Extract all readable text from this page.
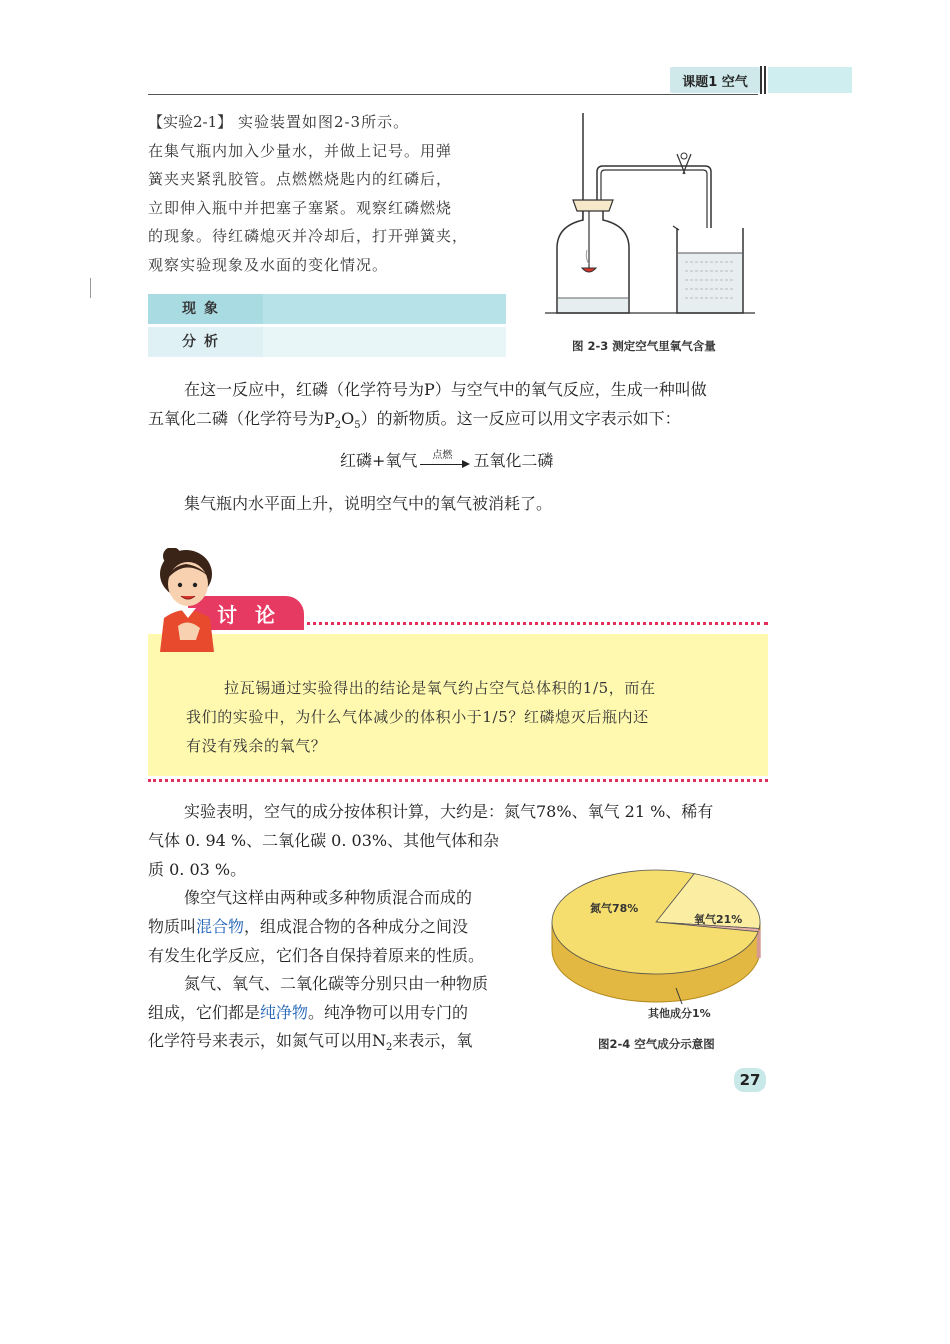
课题1 空气
【实验2-1】 实验装置如图2-3所示。
在集气瓶内加入少量水，并做上记号。用弹
簧夹夹紧乳胶管。点燃燃烧匙内的红磷后，
立即伸入瓶中并把塞子塞紧。观察红磷燃烧
的现象。待红磷熄灭并冷却后，打开弹簧夹，
观察实验现象及水面的变化情况。
现象
分析	图 2-3 测定空气里氧气含量
在这一反应中，红磷（化学符号为P）与空气中的氧气反应，生成一种叫做
五氧化二磷（化学符号为$P_2O_5$）的新物质。这一反应可以用文字表示如下：
红磷+氧气 点燃 五氧化二磷
集气瓶内水平面上升，说明空气中的氧气被消耗了。
讨论
拉瓦锡通过实验得出的结论是氧气约占空气总体积的1/5，而在
我们的实验中，为什么气体减少的体积小于1/5？红磷熄灭后瓶内还
有没有残余的氧气？
实验表明，空气的成分按体积计算，大约是：氮气78%、氧气 21 %、稀有
气体 0. 94 %、二氧化碳 0. 03%、其他气体和杂
质 0. 03 %。
像空气这样由两种或多种物质混合而成的
物质叫混合物，组成混合物的各种成分之间没
有发生化学反应，它们各自保持着原来的性质。
氮气、氧气、二氧化碳等分别只由一种物质
组成，它们都是纯净物。纯净物可以用专门的
化学符号来表示，如氮气可以用$N_2$来表示，氧
其他成分1%
氮气78%
氧气21%
图2-4 空气成分示意图
27
